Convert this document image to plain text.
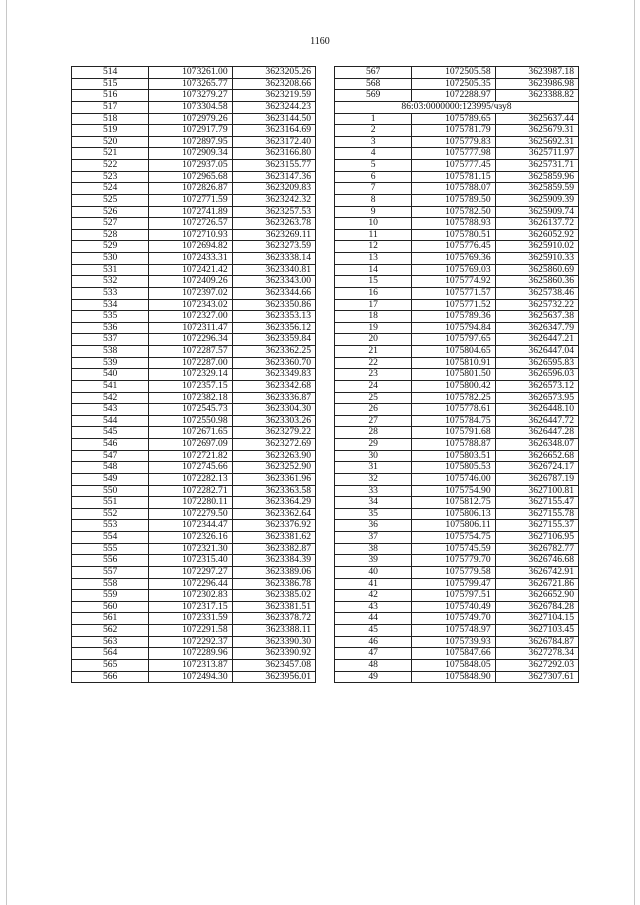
1160
514	1073261.00	3623205.26
515	1073265.77	3623208.66
516	1073279.27	3623219.59
517	1073304.58	3623244.23
518	1072979.26	3623144.50
519	1072917.79	3623164.69
520	1072897.95	3623172.40
521	1072909.34	3623166.80
522	1072937.05	3623155.77
523	1072965.68	3623147.36
524	1072826.87	3623209.83
525	1072771.59	3623242.32
526	1072741.89	3623257.53
527	1072726.57	3623263.78
528	1072710.93	3623269.11
529	1072694.82	3623273.59
530	1072433.31	3623338.14
531	1072421.42	3623340.81
532	1072409.26	3623343.00
533	1072397.02	3623344.66
534	1072343.02	3623350.86
535	1072327.00	3623353.13
536	1072311.47	3623356.12
537	1072296.34	3623359.84
538	1072287.57	3623362.25
539	1072287.00	3623360.70
540	1072329.14	3623349.83
541	1072357.15	3623342.68
542	1072382.18	3623336.87
543	1072545.73	3623304.30
544	1072550.98	3623303.26
545	1072671.65	3623279.22
546	1072697.09	3623272.69
547	1072721.82	3623263.90
548	1072745.66	3623252.90
549	1072282.13	3623361.96
550	1072282.71	3623363.58
551	1072280.11	3623364.29
552	1072279.50	3623362.64
553	1072344.47	3623376.92
554	1072326.16	3623381.62
555	1072321.30	3623382.87
556	1072315.40	3623384.39
557	1072297.27	3623389.06
558	1072296.44	3623386.78
559	1072302.83	3623385.02
560	1072317.15	3623381.51
561	1072331.59	3623378.72
562	1072291.58	3623388.11
563	1072292.37	3623390.30
564	1072289.96	3623390.92
565	1072313.87	3623457.08
566	1072494.30	3623956.01
567	1072505.58	3623987.18
568	1072505.35	3623986.98
569	1072288.97	3623388.82
86:03:0000000:123995/чзу8		
1	1075789.65	3625637.44
2	1075781.79	3625679.31
3	1075779.83	3625692.31
4	1075777.98	3625711.97
5	1075777.45	3625731.71
6	1075781.15	3625859.96
7	1075788.07	3625859.59
8	1075789.50	3625909.39
9	1075782.50	3625909.74
10	1075788.93	3626137.72
11	1075780.51	3626052.92
12	1075776.45	3625910.02
13	1075769.36	3625910.33
14	1075769.03	3625860.69
15	1075774.92	3625860.36
16	1075771.57	3625738.46
17	1075771.52	3625732.22
18	1075789.36	3625637.38
19	1075794.84	3626347.79
20	1075797.65	3626447.21
21	1075804.65	3626447.04
22	1075810.91	3626595.83
23	1075801.50	3626596.03
24	1075800.42	3626573.12
25	1075782.25	3626573.95
26	1075778.61	3626448.10
27	1075784.75	3626447.72
28	1075791.68	3626447.28
29	1075788.87	3626348.07
30	1075803.51	3626652.68
31	1075805.53	3626724.17
32	1075746.00	3626787.19
33	1075754.90	3627100.81
34	1075812.75	3627155.47
35	1075806.13	3627155.78
36	1075806.11	3627155.37
37	1075754.75	3627106.95
38	1075745.59	3626782.77
39	1075779.70	3626746.68
40	1075779.58	3626742.91
41	1075799.47	3626721.86
42	1075797.51	3626652.90
43	1075740.49	3626784.28
44	1075749.70	3627104.15
45	1075748.97	3627103.45
46	1075739.93	3626784.87
47	1075847.66	3627278.34
48	1075848.05	3627292.03
49	1075848.90	3627307.61
